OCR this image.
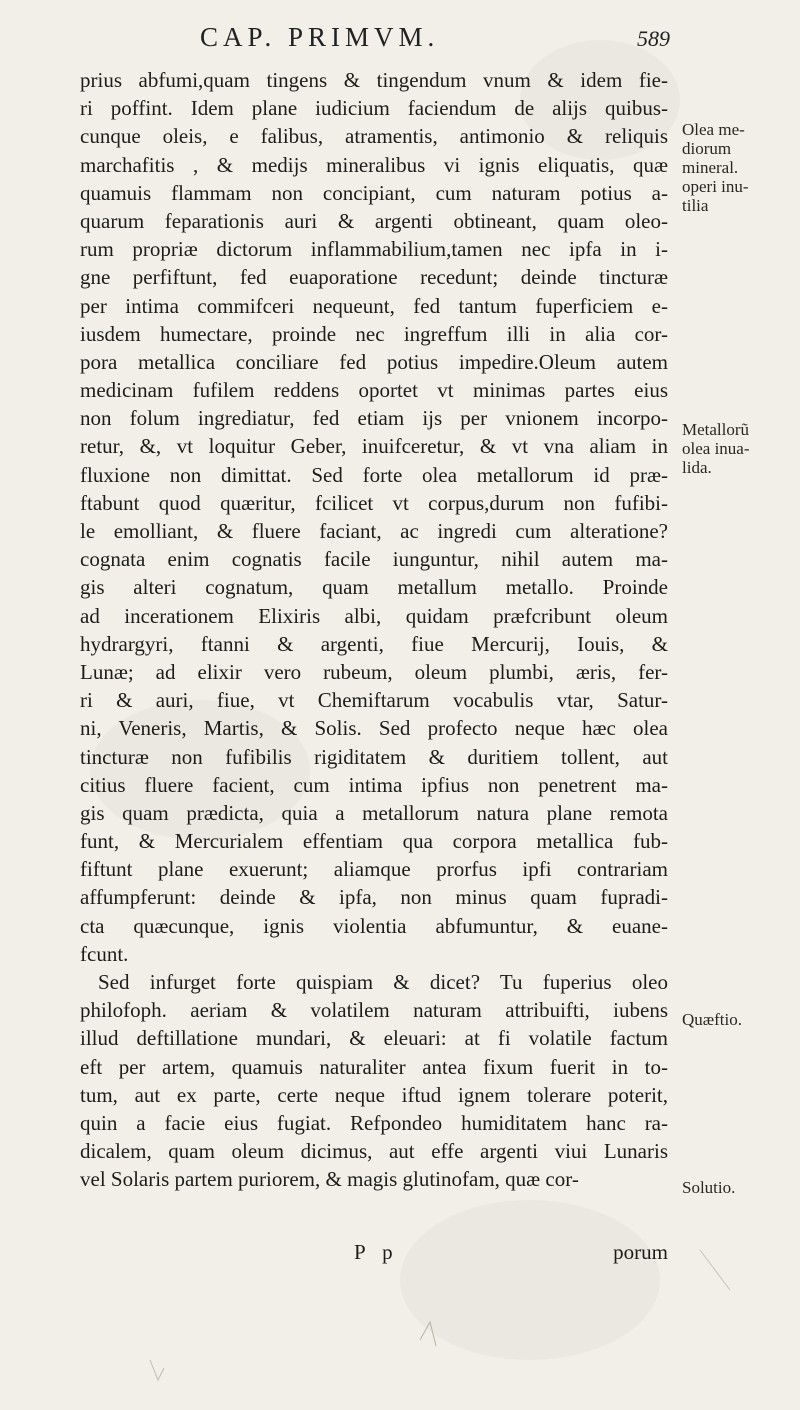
CAP. PRIMVM.	589
prius abfumi,quam tingens & tingendum vnum & idem fie-
ri poffint. Idem plane iudicium faciendum de alijs quibus-
cunque oleis, e falibus, atramentis, antimonio & reliquis
marchafitis , & medijs mineralibus vi ignis eliquatis, quæ
quamuis flammam non concipiant, cum naturam potius a-
quarum feparationis auri & argenti obtineant, quam oleo-
rum propriæ dictorum inflammabilium,tamen nec ipfa in i-
gne perfiftunt, fed euaporatione recedunt; deinde tincturæ
per intima commifceri nequeunt, fed tantum fuperficiem e-
iusdem humectare, proinde nec ingreffum illi in alia cor-
pora metallica conciliare fed potius impedire.Oleum autem
medicinam fufilem reddens oportet vt minimas partes eius
non folum ingrediatur, fed etiam ijs per vnionem incorpo-
retur, &, vt loquitur Geber, inuifceretur, & vt vna aliam in
fluxione non dimittat. Sed forte olea metallorum id præ-
ftabunt quod quæritur, fcilicet vt corpus,durum non fufibi-
le emolliant, & fluere faciant, ac ingredi cum alteratione?
cognata enim cognatis facile iunguntur, nihil autem ma-
gis alteri cognatum, quam metallum metallo. Proinde
ad incerationem Elixiris albi, quidam præfcribunt oleum
hydrargyri, ftanni & argenti, fiue Mercurij, Iouis, &
Lunæ; ad elixir vero rubeum, oleum plumbi, æris, fer-
ri & auri, fiue, vt Chemiftarum vocabulis vtar, Satur-
ni, Veneris, Martis, & Solis. Sed profecto neque hæc olea
tincturæ non fufibilis rigiditatem & duritiem tollent, aut
citius fluere facient, cum intima ipfius non penetrent ma-
gis quam prædicta, quia a metallorum natura plane remota
funt, & Mercurialem effentiam qua corpora metallica fub-
fiftunt plane exuerunt; aliamque prorfus ipfi contrariam
affumpferunt: deinde & ipfa, non minus quam fupradi-
cta quæcunque, ignis violentia abfumuntur, & euane-
fcunt.
Sed infurget forte quispiam & dicet? Tu fuperius oleo
philofoph. aeriam & volatilem naturam attribuifti, iubens
illud deftillatione mundari, & eleuari: at fi volatile factum
eft per artem, quamuis naturaliter antea fixum fuerit in to-
tum, aut ex parte, certe neque iftud ignem tolerare poterit,
quin a facie eius fugiat. Refpondeo humiditatem hanc ra-
dicalem, quam oleum dicimus, aut effe argenti viui Lunaris
vel Solaris partem puriorem, & magis glutinofam, quæ cor-
P p	porum
Olea me-
diorum
mineral.
operi inu-
tilia
Metallorũ
olea inua-
lida.
Quæftio.
Solutio.
